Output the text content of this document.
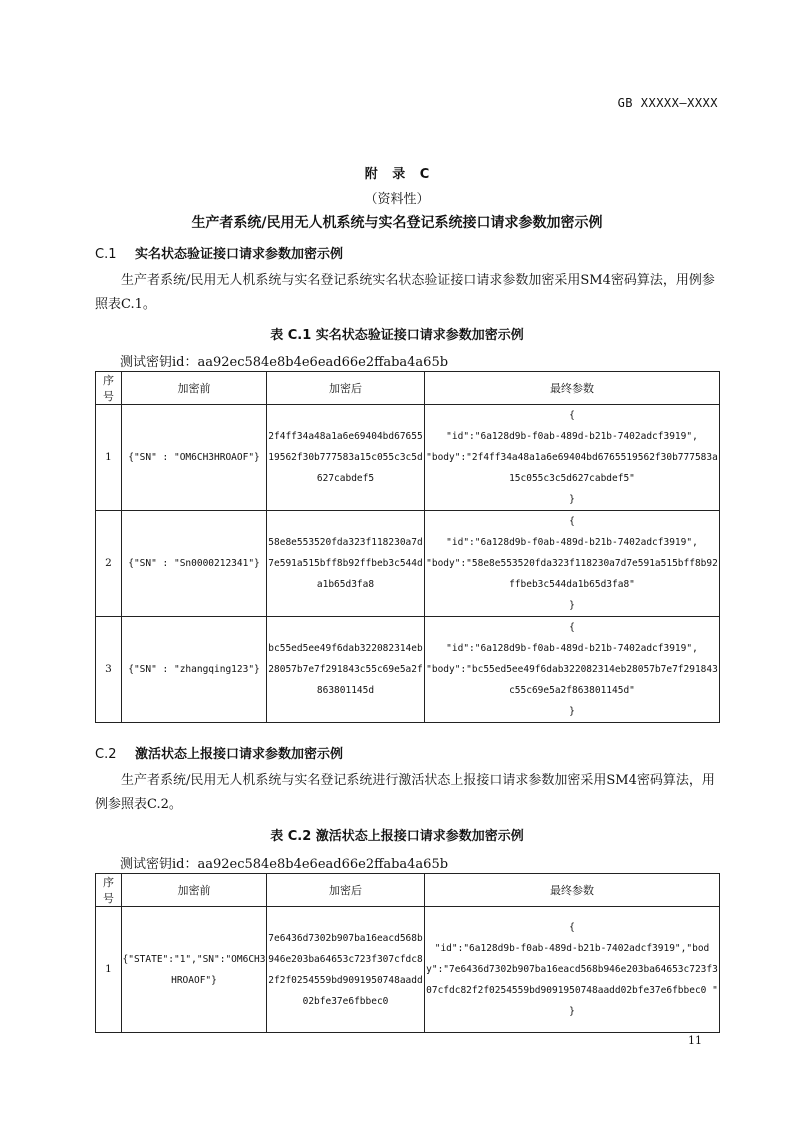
GB XXXXX—XXXX
附 录 C
（资料性）
生产者系统/民用无人机系统与实名登记系统接口请求参数加密示例
C.1 实名状态验证接口请求参数加密示例
生产者系统/民用无人机系统与实名登记系统实名状态验证接口请求参数加密采用SM4密码算法，用例参照表C.1。
表 C.1 实名状态验证接口请求参数加密示例
测试密钥id：aa92ec584e8b4e6ead66e2ffaba4a65b
序号	加密前	加密后	最终参数
1	{"SN" : "OM6CH3HROAOF"}	2f4ff34a48a1a6e69404bd6765519562f30b777583a15c055c3c5d627cabdef5	{
"id":"6a128d9b-f0ab-489d-b21b-7402adcf3919",
"body":"2f4ff34a48a1a6e69404bd6765519562f30b777583a15c055c3c5d627cabdef5"
}

2	{"SN" : "Sn0000212341"}	58e8e553520fda323f118230a7d7e591a515bff8b92ffbeb3c544da1b65d3fa8	{
"id":"6a128d9b-f0ab-489d-b21b-7402adcf3919",
"body":"58e8e553520fda323f118230a7d7e591a515bff8b92ffbeb3c544da1b65d3fa8"
}

3	{"SN" : "zhangqing123"}	bc55ed5ee49f6dab322082314eb28057b7e7f291843c55c69e5a2f863801145d	{
"id":"6a128d9b-f0ab-489d-b21b-7402adcf3919",
"body":"bc55ed5ee49f6dab322082314eb28057b7e7f291843c55c69e5a2f863801145d"
}
C.2 激活状态上报接口请求参数加密示例
生产者系统/民用无人机系统与实名登记系统进行激活状态上报接口请求参数加密采用SM4密码算法，用例参照表C.2。
表 C.2 激活状态上报接口请求参数加密示例
测试密钥id：aa92ec584e8b4e6ead66e2ffaba4a65b
序号	加密前	加密后	最终参数
1	{"STATE":"1","SN":"OM6CH3HROAOF"}	7e6436d7302b907ba16eacd568b946e203ba64653c723f307cfdc82f2f0254559bd9091950748aadd02bfe37e6fbbec0	{
"id":"6a128d9b-f0ab-489d-b21b-7402adcf3919","body":"7e6436d7302b907ba16eacd568b946e203ba64653c723f307cfdc82f2f0254559bd9091950748aadd02bfe37e6fbbec0 "
}
11
